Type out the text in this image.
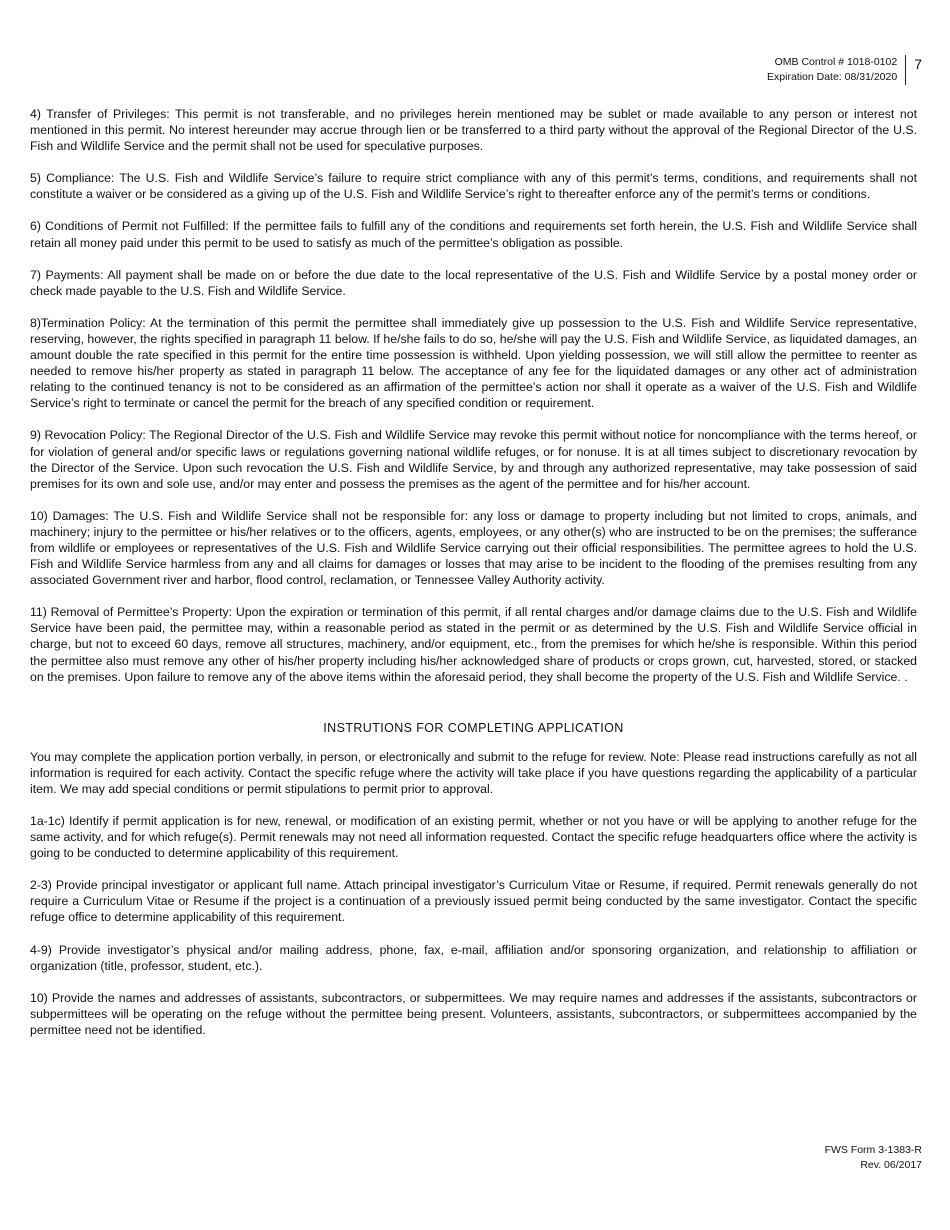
OMB Control # 1018-0102
Expiration Date: 08/31/2020
7

4) Transfer of Privileges: This permit is not transferable, and no privileges herein mentioned may be sublet or made available to any person or interest not mentioned in this permit. No interest hereunder may accrue through lien or be transferred to a third party without the approval of the Regional Director of the U.S. Fish and Wildlife Service and the permit shall not be used for speculative purposes.

5) Compliance: The U.S. Fish and Wildlife Service’s failure to require strict compliance with any of this permit’s terms, conditions, and requirements shall not constitute a waiver or be considered as a giving up of the U.S. Fish and Wildlife Service’s right to thereafter enforce any of the permit’s terms or conditions.

6) Conditions of Permit not Fulfilled: If the permittee fails to fulfill any of the conditions and requirements set forth herein, the U.S. Fish and Wildlife Service shall retain all money paid under this permit to be used to satisfy as much of the permittee’s obligation as possible.

7) Payments: All payment shall be made on or before the due date to the local representative of the U.S. Fish and Wildlife Service by a postal money order or check made payable to the U.S. Fish and Wildlife Service.

8)Termination Policy: At the termination of this permit the permittee shall immediately give up possession to the U.S. Fish and Wildlife Service representative, reserving, however, the rights specified in paragraph 11 below. If he/she fails to do so, he/she will pay the U.S. Fish and Wildlife Service, as liquidated damages, an amount double the rate specified in this permit for the entire time possession is withheld. Upon yielding possession, we will still allow the permittee to reenter as needed to remove his/her property as stated in paragraph 11 below. The acceptance of any fee for the liquidated damages or any other act of administration relating to the continued tenancy is not to be considered as an affirmation of the permittee’s action nor shall it operate as a waiver of the U.S. Fish and Wildlife Service’s right to terminate or cancel the permit for the breach of any specified condition or requirement.

9) Revocation Policy: The Regional Director of the U.S. Fish and Wildlife Service may revoke this permit without notice for noncompliance with the terms hereof, or for violation of general and/or specific laws or regulations governing national wildlife refuges, or for nonuse. It is at all times subject to discretionary revocation by the Director of the Service. Upon such revocation the U.S. Fish and Wildlife Service, by and through any authorized representative, may take possession of said premises for its own and sole use, and/or may enter and possess the premises as the agent of the permittee and for his/her account.

10) Damages: The U.S. Fish and Wildlife Service shall not be responsible for: any loss or damage to property including but not limited to crops, animals, and machinery; injury to the permittee or his/her relatives or to the officers, agents, employees, or any other(s) who are instructed to be on the premises; the sufferance from wildlife or employees or representatives of the U.S. Fish and Wildlife Service carrying out their official responsibilities. The permittee agrees to hold the U.S. Fish and Wildlife Service harmless from any and all claims for damages or losses that may arise to be incident to the flooding of the premises resulting from any associated Government river and harbor, flood control, reclamation, or Tennessee Valley Authority activity.

11) Removal of Permittee’s Property: Upon the expiration or termination of this permit, if all rental charges and/or damage claims due to the U.S. Fish and Wildlife Service have been paid, the permittee may, within a reasonable period as stated in the permit or as determined by the U.S. Fish and Wildlife Service official in charge, but not to exceed 60 days, remove all structures, machinery, and/or equipment, etc., from the premises for which he/she is responsible. Within this period the permittee also must remove any other of his/her property including his/her acknowledged share of products or crops grown, cut, harvested, stored, or stacked on the premises. Upon failure to remove any of the above items within the aforesaid period, they shall become the property of the U.S. Fish and Wildlife Service. .

INSTRUTIONS FOR COMPLETING APPLICATION

You may complete the application portion verbally, in person, or electronically and submit to the refuge for review. Note: Please read instructions carefully as not all information is required for each activity. Contact the specific refuge where the activity will take place if you have questions regarding the applicability of a particular item. We may add special conditions or permit stipulations to permit prior to approval.

1a-1c) Identify if permit application is for new, renewal, or modification of an existing permit, whether or not you have or will be applying to another refuge for the same activity, and for which refuge(s). Permit renewals may not need all information requested. Contact the specific refuge headquarters office where the activity is going to be conducted to determine applicability of this requirement.

2-3) Provide principal investigator or applicant full name. Attach principal investigator’s Curriculum Vitae or Resume, if required. Permit renewals generally do not require a Curriculum Vitae or Resume if the project is a continuation of a previously issued permit being conducted by the same investigator. Contact the specific refuge office to determine applicability of this requirement.

4-9) Provide investigator’s physical and/or mailing address, phone, fax, e-mail, affiliation and/or sponsoring organization, and relationship to affiliation or organization (title, professor, student, etc.).

10) Provide the names and addresses of assistants, subcontractors, or subpermittees. We may require names and addresses if the assistants, subcontractors or subpermittees will be operating on the refuge without the permittee being present. Volunteers, assistants, subcontractors, or subpermittees accompanied by the permittee need not be identified.

FWS Form 3-1383-R
Rev. 06/2017
